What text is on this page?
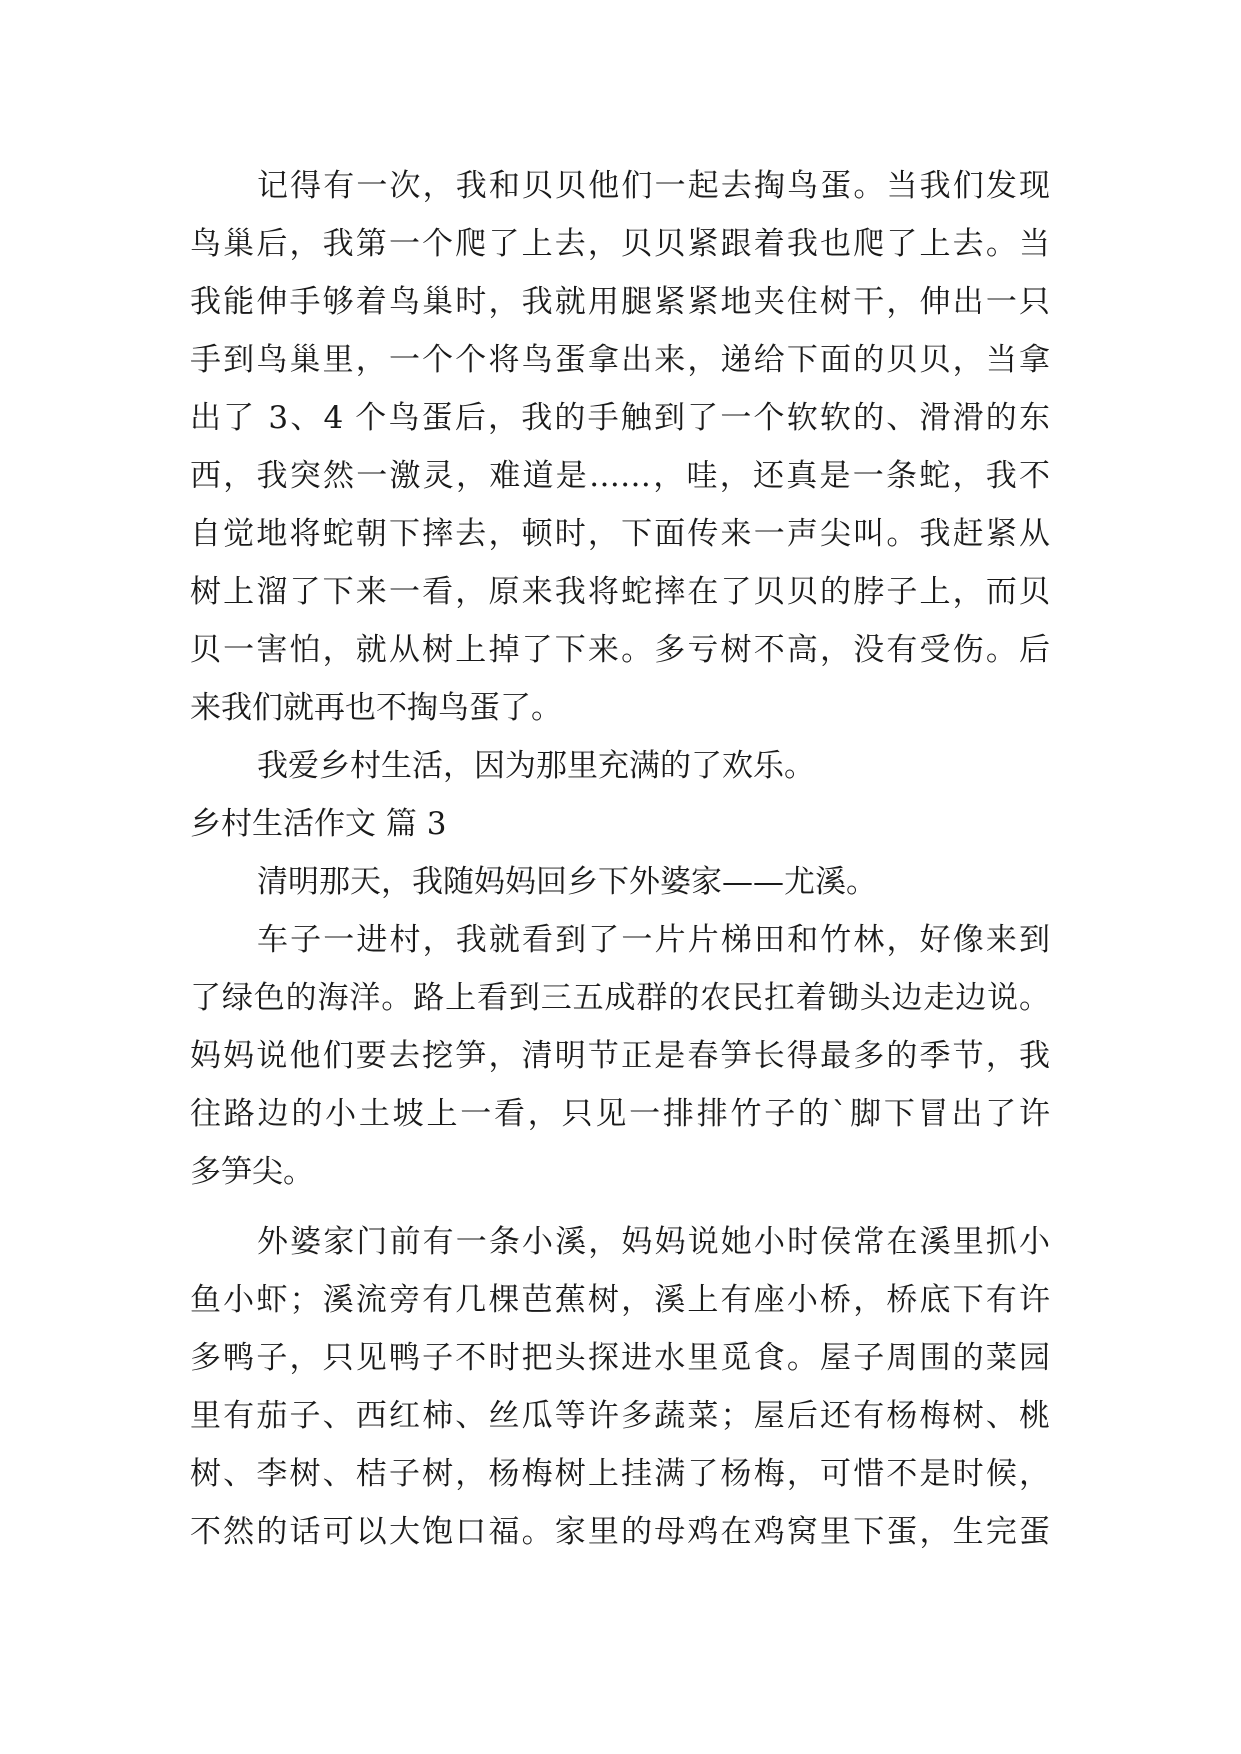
记得有一次，我和贝贝他们一起去掏鸟蛋。当我们发现
鸟巢后，我第一个爬了上去，贝贝紧跟着我也爬了上去。当
我能伸手够着鸟巢时，我就用腿紧紧地夹住树干，伸出一只
手到鸟巢里，一个个将鸟蛋拿出来，递给下面的贝贝，当拿
出了 3、4 个鸟蛋后，我的手触到了一个软软的、滑滑的东
西，我突然一激灵，难道是……，哇，还真是一条蛇，我不
自觉地将蛇朝下摔去，顿时，下面传来一声尖叫。我赶紧从
树上溜了下来一看，原来我将蛇摔在了贝贝的脖子上，而贝
贝一害怕，就从树上掉了下来。多亏树不高，没有受伤。后
来我们就再也不掏鸟蛋了。
我爱乡村生活，因为那里充满的了欢乐。
乡村生活作文 篇 3
清明那天，我随妈妈回乡下外婆家——尤溪。
车子一进村，我就看到了一片片梯田和竹林，好像来到
了绿色的海洋。路上看到三五成群的农民扛着锄头边走边说。
妈妈说他们要去挖笋，清明节正是春笋长得最多的季节，我
往路边的小土坡上一看，只见一排排竹子的`脚下冒出了许
多笋尖。
外婆家门前有一条小溪，妈妈说她小时侯常在溪里抓小
鱼小虾；溪流旁有几棵芭蕉树，溪上有座小桥，桥底下有许
多鸭子，只见鸭子不时把头探进水里觅食。屋子周围的菜园
里有茄子、西红柿、丝瓜等许多蔬菜；屋后还有杨梅树、桃
树、李树、桔子树，杨梅树上挂满了杨梅，可惜不是时候，
不然的话可以大饱口福。家里的母鸡在鸡窝里下蛋，生完蛋
